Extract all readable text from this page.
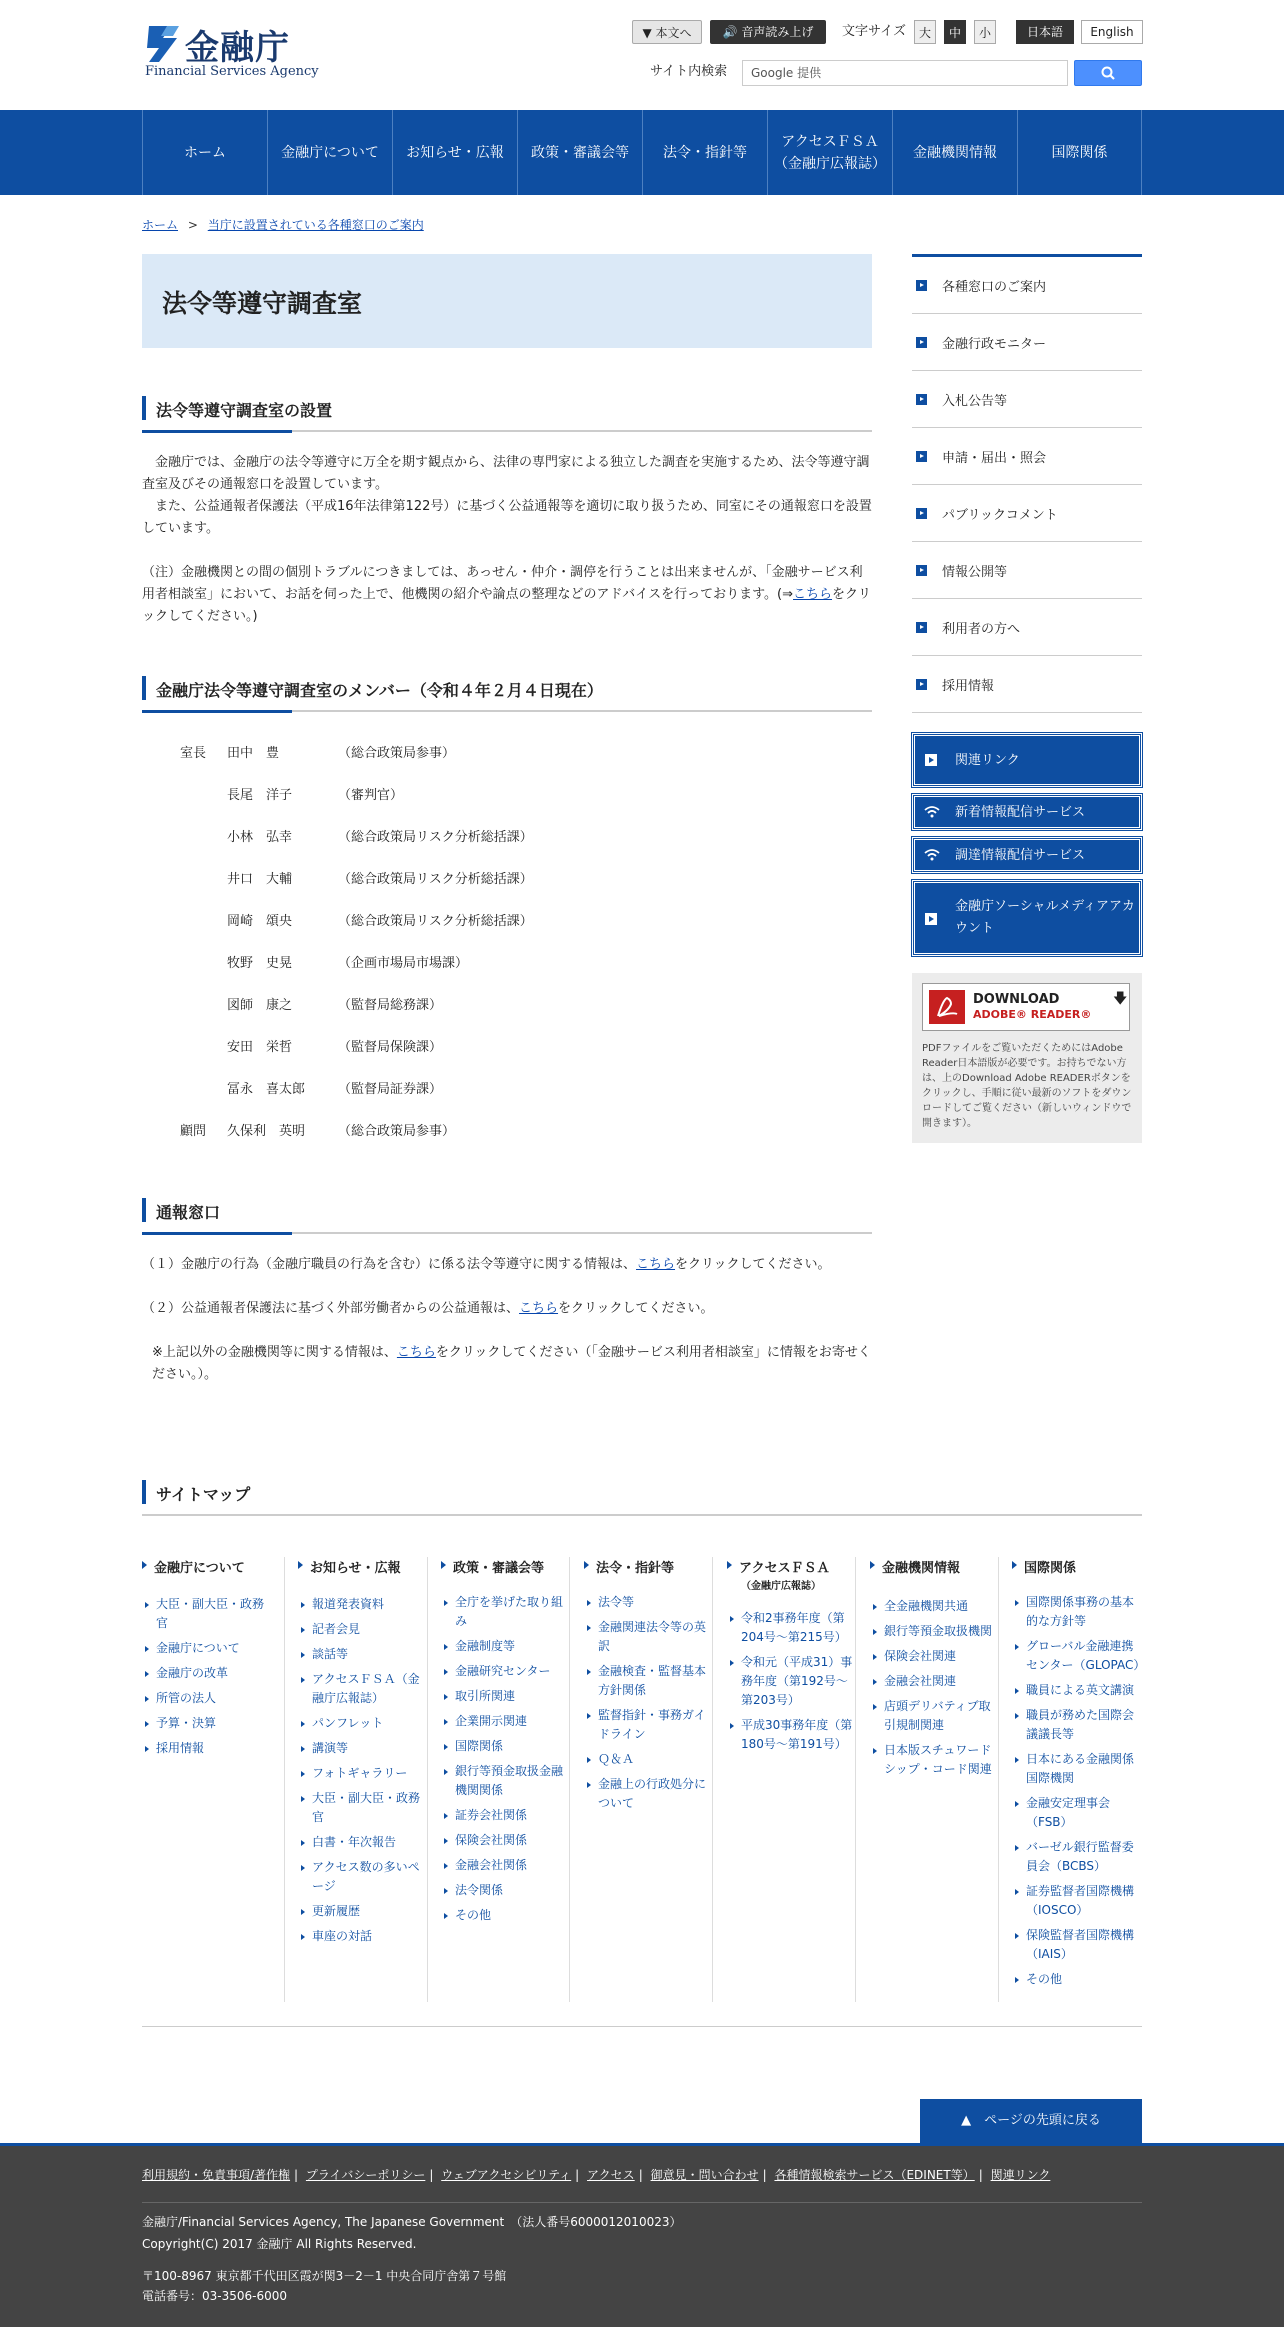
金融庁
Financial Services Agency
▼ 本文へ	🔊 音声読み上げ	文字サイズ	大	中	小	日本語	English
サイト内検索	Google 提供
ホーム	金融庁について	お知らせ・広報	政策・審議会等	法令・指針等
アクセスＦＳＡ
（金融庁広報誌）
金融機関情報	国際関係
ホーム > 当庁に設置されている各種窓口のご案内
法令等遵守調査室
法令等遵守調査室の設置
金融庁では、金融庁の法令等遵守に万全を期す観点から、法律の専門家による独立した調査を実施するため、法令等遵守調査室及びその通報窓口を設置しています。
また、公益通報者保護法（平成16年法律第122号）に基づく公益通報等を適切に取り扱うため、同室にその通報窓口を設置しています。
（注）金融機関との間の個別トラブルにつきましては、あっせん・仲介・調停を行うことは出来ませんが、「金融サービス利用者相談室」において、お話を伺った上で、他機関の紹介や論点の整理などのアドバイスを行っております。(⇒こちらをクリックしてください。)
金融庁法令等遵守調査室のメンバー（令和４年２月４日現在）
室長 田中　豊	（総合政策局参事）
長尾　洋子	（審判官）
小林　弘幸	（総合政策局リスク分析総括課）
井口　大輔	（総合政策局リスク分析総括課）
岡崎　頌央	（総合政策局リスク分析総括課）
牧野　史晃	（企画市場局市場課）
図師　康之	（監督局総務課）
安田　栄哲	（監督局保険課）
冨永　喜太郎	（監督局証券課）
顧問 久保利　英明	（総合政策局参事）
通報窓口
（１）金融庁の行為（金融庁職員の行為を含む）に係る法令等遵守に関する情報は、こちらをクリックしてください。
（２）公益通報者保護法に基づく外部労働者からの公益通報は、こちらをクリックしてください。
※上記以外の金融機関等に関する情報は、こちらをクリックしてください（「金融サービス利用者相談室」に情報をお寄せください。）。
各種窓口のご案内
金融行政モニター
入札公告等
申請・届出・照会
パブリックコメント
情報公開等
利用者の方へ
採用情報
関連リンク
新着情報配信サービス
調達情報配信サービス
金融庁ソーシャルメディアアカウント
DOWNLOAD
ADOBE® READER®
🡇
PDFファイルをご覧いただくためにはAdobe Reader日本語版が必要です。お持ちでない方は、上のDownload Adobe READERボタンをクリックし、手順に従い最新のソフトをダウンロードしてご覧ください（新しいウィンドウで開きます）。
サイトマップ
金融庁について
大臣・副大臣・政務官
金融庁について
金融庁の改革
所管の法人
予算・決算
採用情報
お知らせ・広報
報道発表資料
記者会見
談話等
アクセスＦＳＡ（金融庁広報誌）
パンフレット
講演等
フォトギャラリー
大臣・副大臣・政務官
白書・年次報告
アクセス数の多いページ
更新履歴
車座の対話
政策・審議会等
全庁を挙げた取り組み
金融制度等
金融研究センター
取引所関連
企業開示関連
国際関係
銀行等預金取扱金融機関関係
証券会社関係
保険会社関係
金融会社関係
法令関係
その他
法令・指針等
法令等
金融関連法令等の英訳
金融検査・監督基本方針関係
監督指針・事務ガイドライン
Ｑ＆Ａ
金融上の行政処分について
アクセスＦＳＡ
（金融庁広報誌）
令和2事務年度（第204号～第215号）
令和元（平成31）事務年度（第192号～第203号）
平成30事務年度（第180号～第191号）
金融機関情報
全金融機関共通
銀行等預金取扱機関
保険会社関連
金融会社関連
店頭デリバティブ取引規制関連
日本版スチュワードシップ・コード関連
国際関係
国際関係事務の基本的な方針等
グローバル金融連携センター（GLOPAC）
職員による英文講演
職員が務めた国際会議議長等
日本にある金融関係国際機関
金融安定理事会（FSB）
バーゼル銀行監督委員会（BCBS）
証券監督者国際機構（IOSCO）
保険監督者国際機構（IAIS）
その他
▲　ページの先頭に戻る
利用規約・免責事項/著作権 | プライバシーポリシー | ウェブアクセシビリティ | アクセス | 御意見・問い合わせ | 各種情報検索サービス（EDINET等） | 関連リンク
金融庁/Financial Services Agency, The Japanese Government　（法人番号6000012010023）
Copyright(C) 2017 金融庁 All Rights Reserved.
〒100-8967 東京都千代田区霞が関3－2－1 中央合同庁舎第７号館
電話番号：03-3506-6000
